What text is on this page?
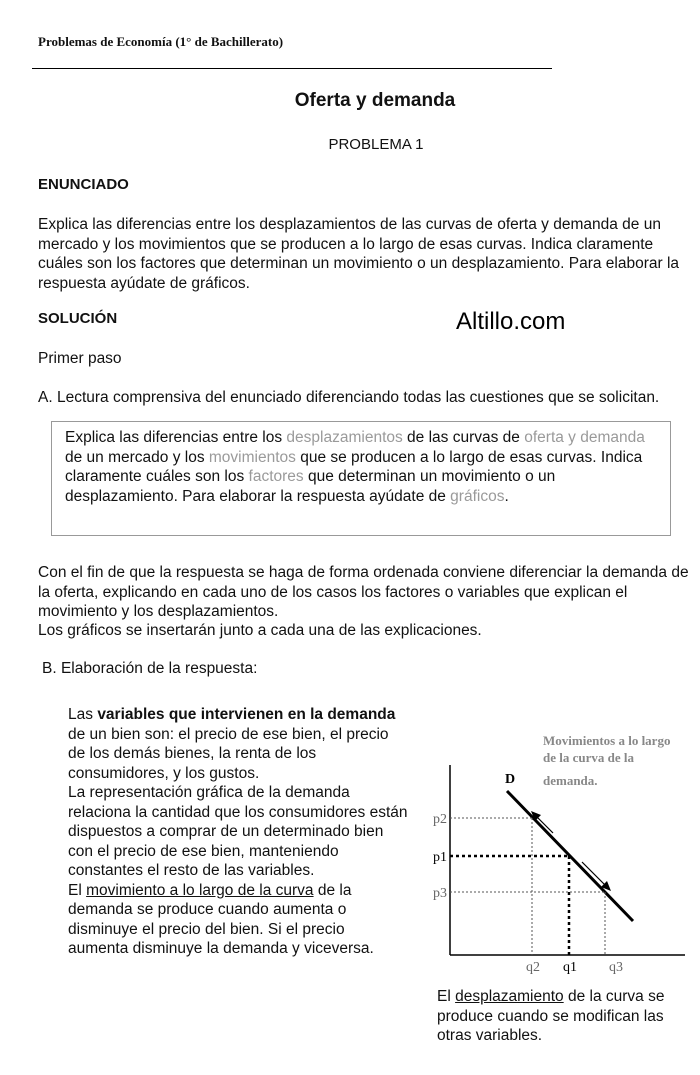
Problemas de Economía (1° de Bachillerato)
Oferta y demanda
PROBLEMA 1
ENUNCIADO
Explica las diferencias entre los desplazamientos de las curvas de oferta y demanda de un mercado y los movimientos que se producen a lo largo de esas curvas. Indica claramente cuáles son los factores que determinan un movimiento o un desplazamiento. Para elaborar la respuesta ayúdate de gráficos.
SOLUCIÓN	Altillo.com
Primer paso
A. Lectura comprensiva del enunciado diferenciando todas las cuestiones que se solicitan.
Explica las diferencias entre los desplazamientos de las curvas de oferta y demanda de un mercado y los movimientos que se producen a lo largo de esas curvas. Indica claramente cuáles son los factores que determinan un movimiento o un desplazamiento. Para elaborar la respuesta ayúdate de gráficos.
Con el fin de que la respuesta se haga de forma ordenada conviene diferenciar la demanda de la oferta, explicando en cada uno de los casos los factores o variables que explican el movimiento y los desplazamientos.
Los gráficos se insertarán junto a cada una de las explicaciones.
B. Elaboración de la respuesta:
Las variables que intervienen en la demanda de un bien son: el precio de ese bien, el precio de los demás bienes, la renta de los consumidores, y los gustos.
La representación gráfica de la demanda relaciona la cantidad que los consumidores están dispuestos a comprar de un determinado bien con el precio de ese bien, manteniendo constantes el resto de las variables.
El movimiento a lo largo de la curva de la demanda se produce cuando aumenta o disminuye el precio del bien. Si el precio aumenta disminuye la demanda y viceversa.
Movimientos a lo largo
de la curva de la
demanda.
D
p2
p1
p3
q2 q1 q3
El desplazamiento de la curva se produce cuando se modifican las otras variables.
